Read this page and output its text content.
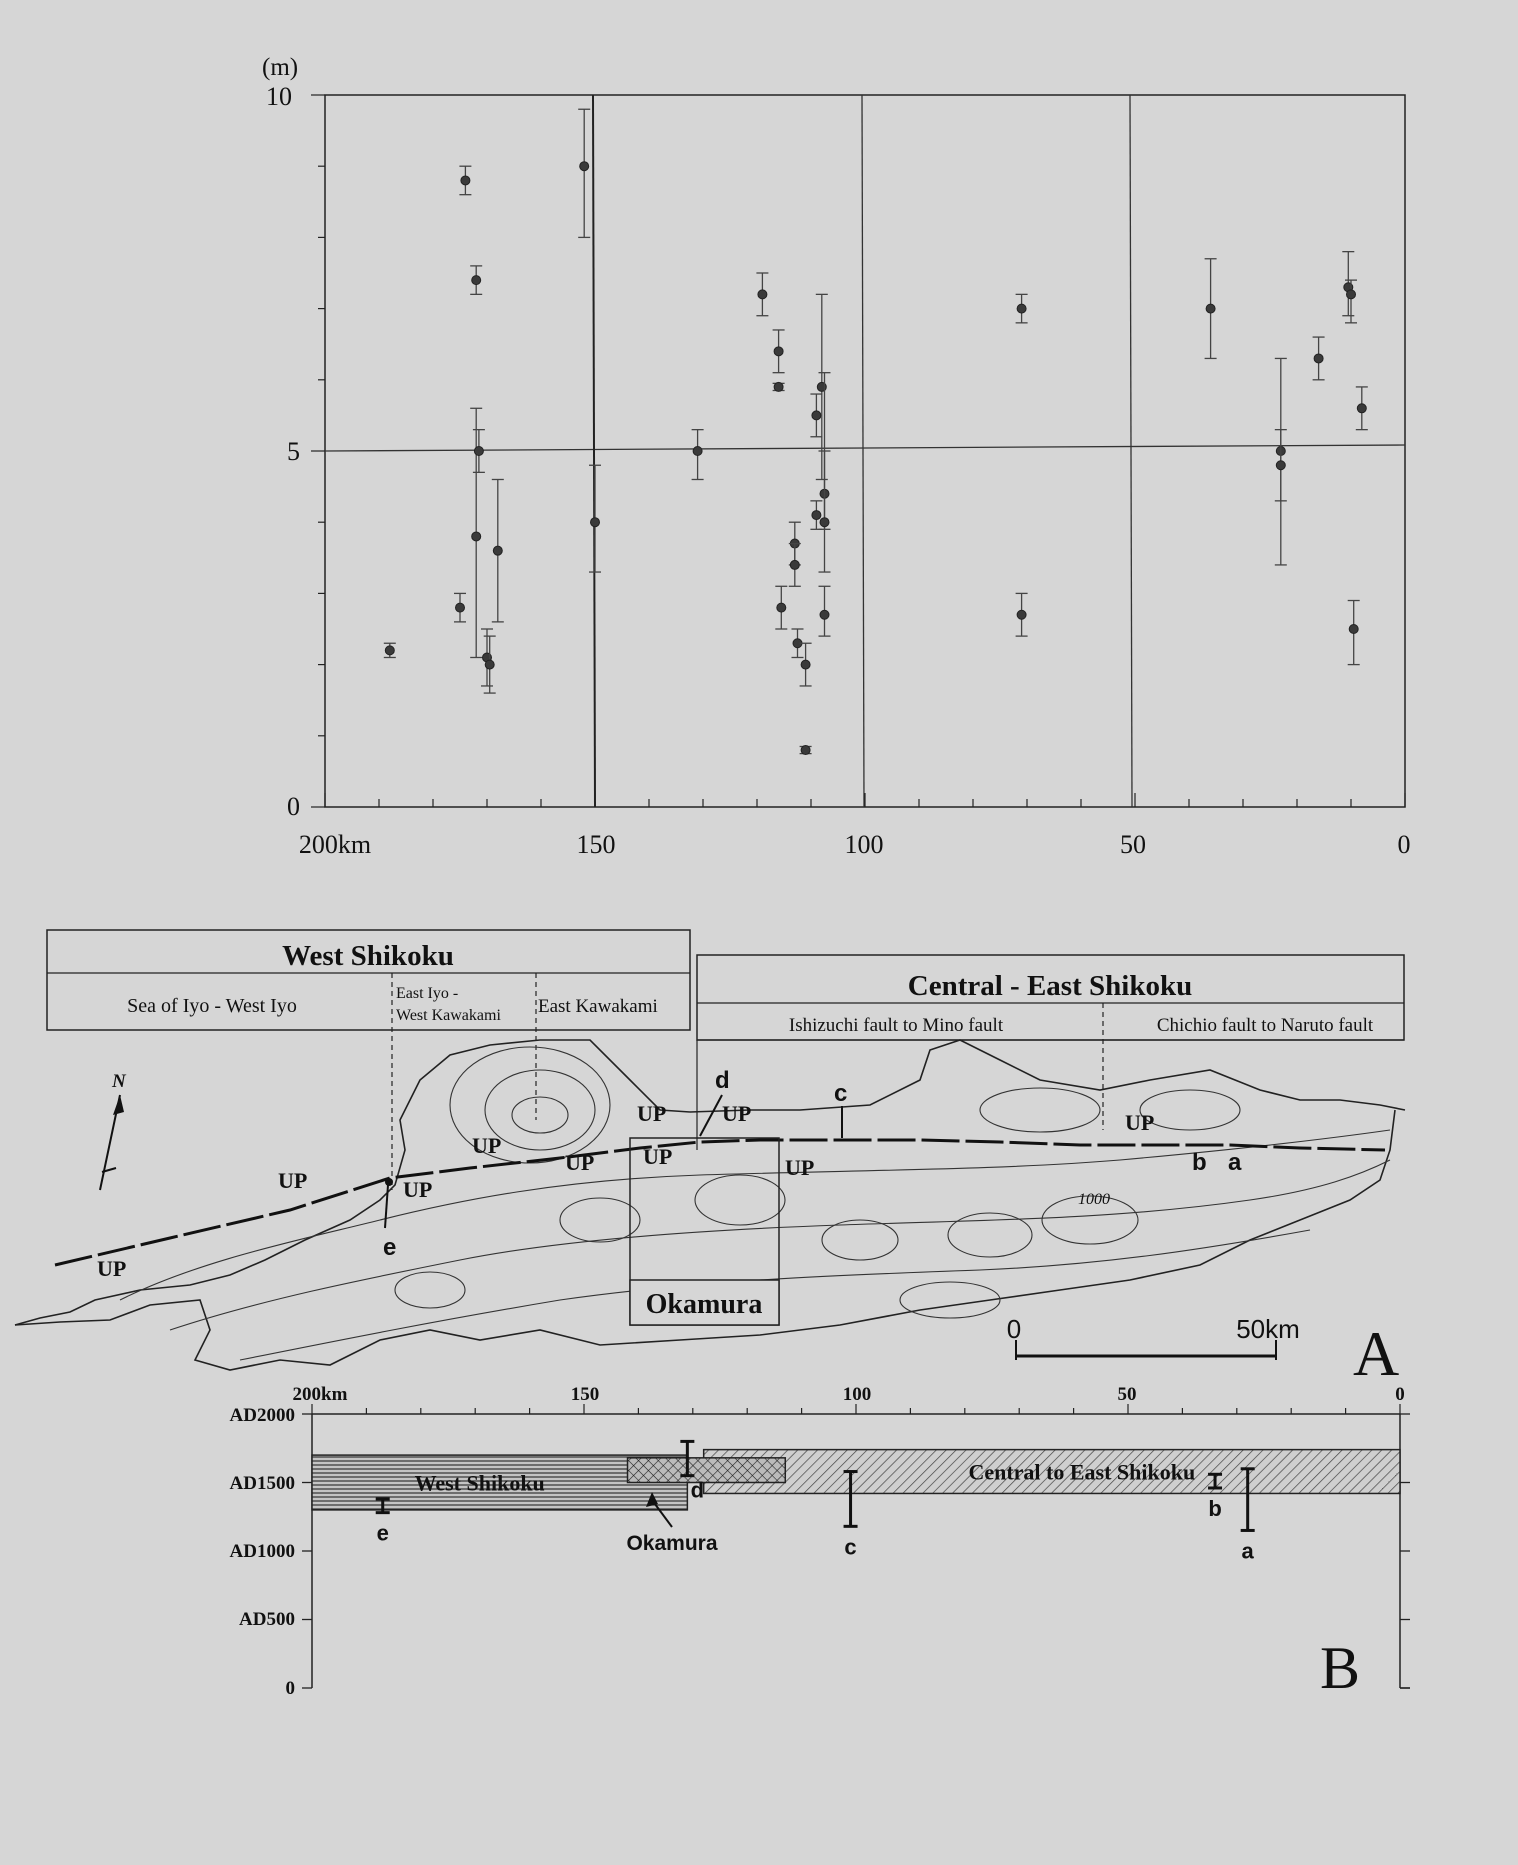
(m)
10
5
0
200km	150	100	50	0
West Shikoku
Sea of Iyo - West Iyo
East Iyo -
West Kawakami East Kawakami
Central - East Shikoku
Ishizuchi fault to Mino fault	Chichio fault to Naruto fault
1000
UP
UP	UP
UP
UP
UP
UP
UP
UP
UP
d	c
b a
e
N
Okamura
0	50km A
200km	150	100	50	0
AD2000
AD1500
AD1000
AD500
0
West Shikoku	Central to East Shikoku
a
b
c
d
e	Okamura
B
